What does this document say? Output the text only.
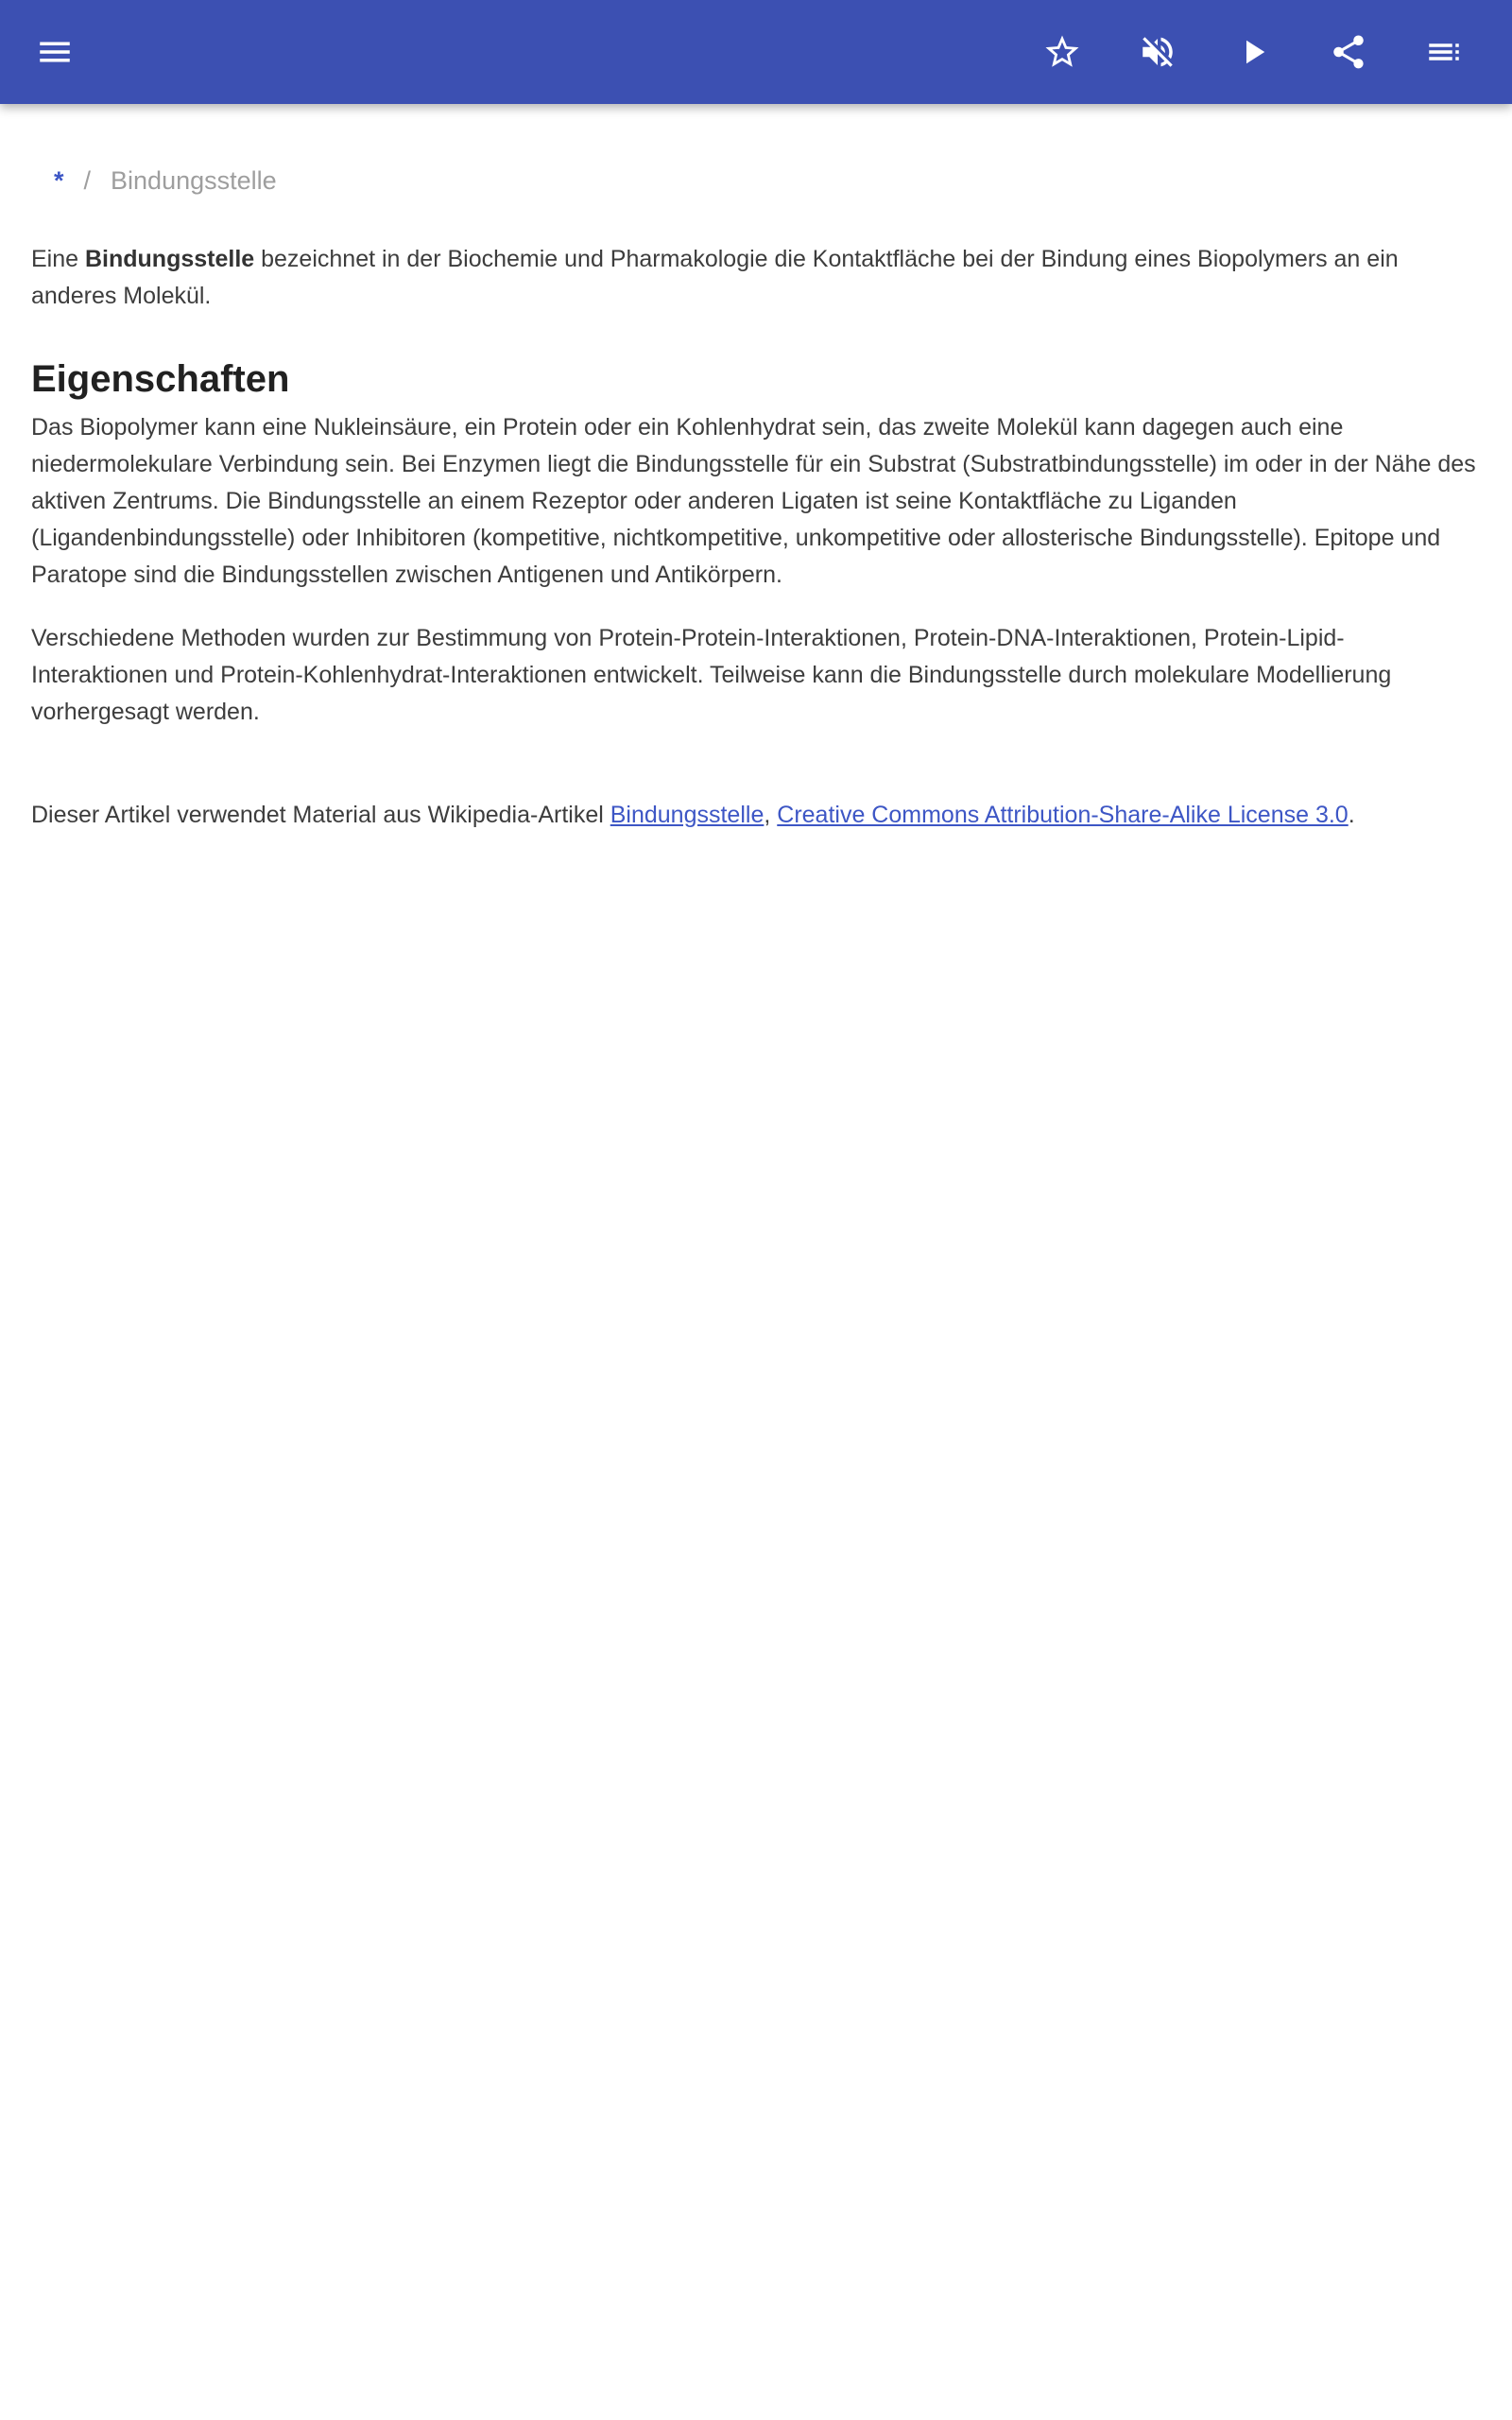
* / Bindungsstelle

Eine Bindungsstelle bezeichnet in der Biochemie und Pharmakologie die Kontaktfläche bei der Bindung eines Biopolymers an ein anderes Molekül.

Eigenschaften

Das Biopolymer kann eine Nukleinsäure, ein Protein oder ein Kohlenhydrat sein, das zweite Molekül kann dagegen auch eine niedermolekulare Verbindung sein. Bei Enzymen liegt die Bindungsstelle für ein Substrat (Substratbindungsstelle) im oder in der Nähe des aktiven Zentrums. Die Bindungsstelle an einem Rezeptor oder anderen Ligaten ist seine Kontaktfläche zu Liganden (Ligandenbindungsstelle) oder Inhibitoren (kompetitive, nichtkompetitive, unkompetitive oder allosterische Bindungsstelle). Epitope und Paratope sind die Bindungsstellen zwischen Antigenen und Antikörpern.

Verschiedene Methoden wurden zur Bestimmung von Protein-Protein-Interaktionen, Protein-DNA-Interaktionen, Protein-Lipid-Interaktionen und Protein-Kohlenhydrat-Interaktionen entwickelt. Teilweise kann die Bindungsstelle durch molekulare Modellierung vorhergesagt werden.

Dieser Artikel verwendet Material aus Wikipedia-Artikel Bindungsstelle, Creative Commons Attribution-Share-Alike License 3.0.
